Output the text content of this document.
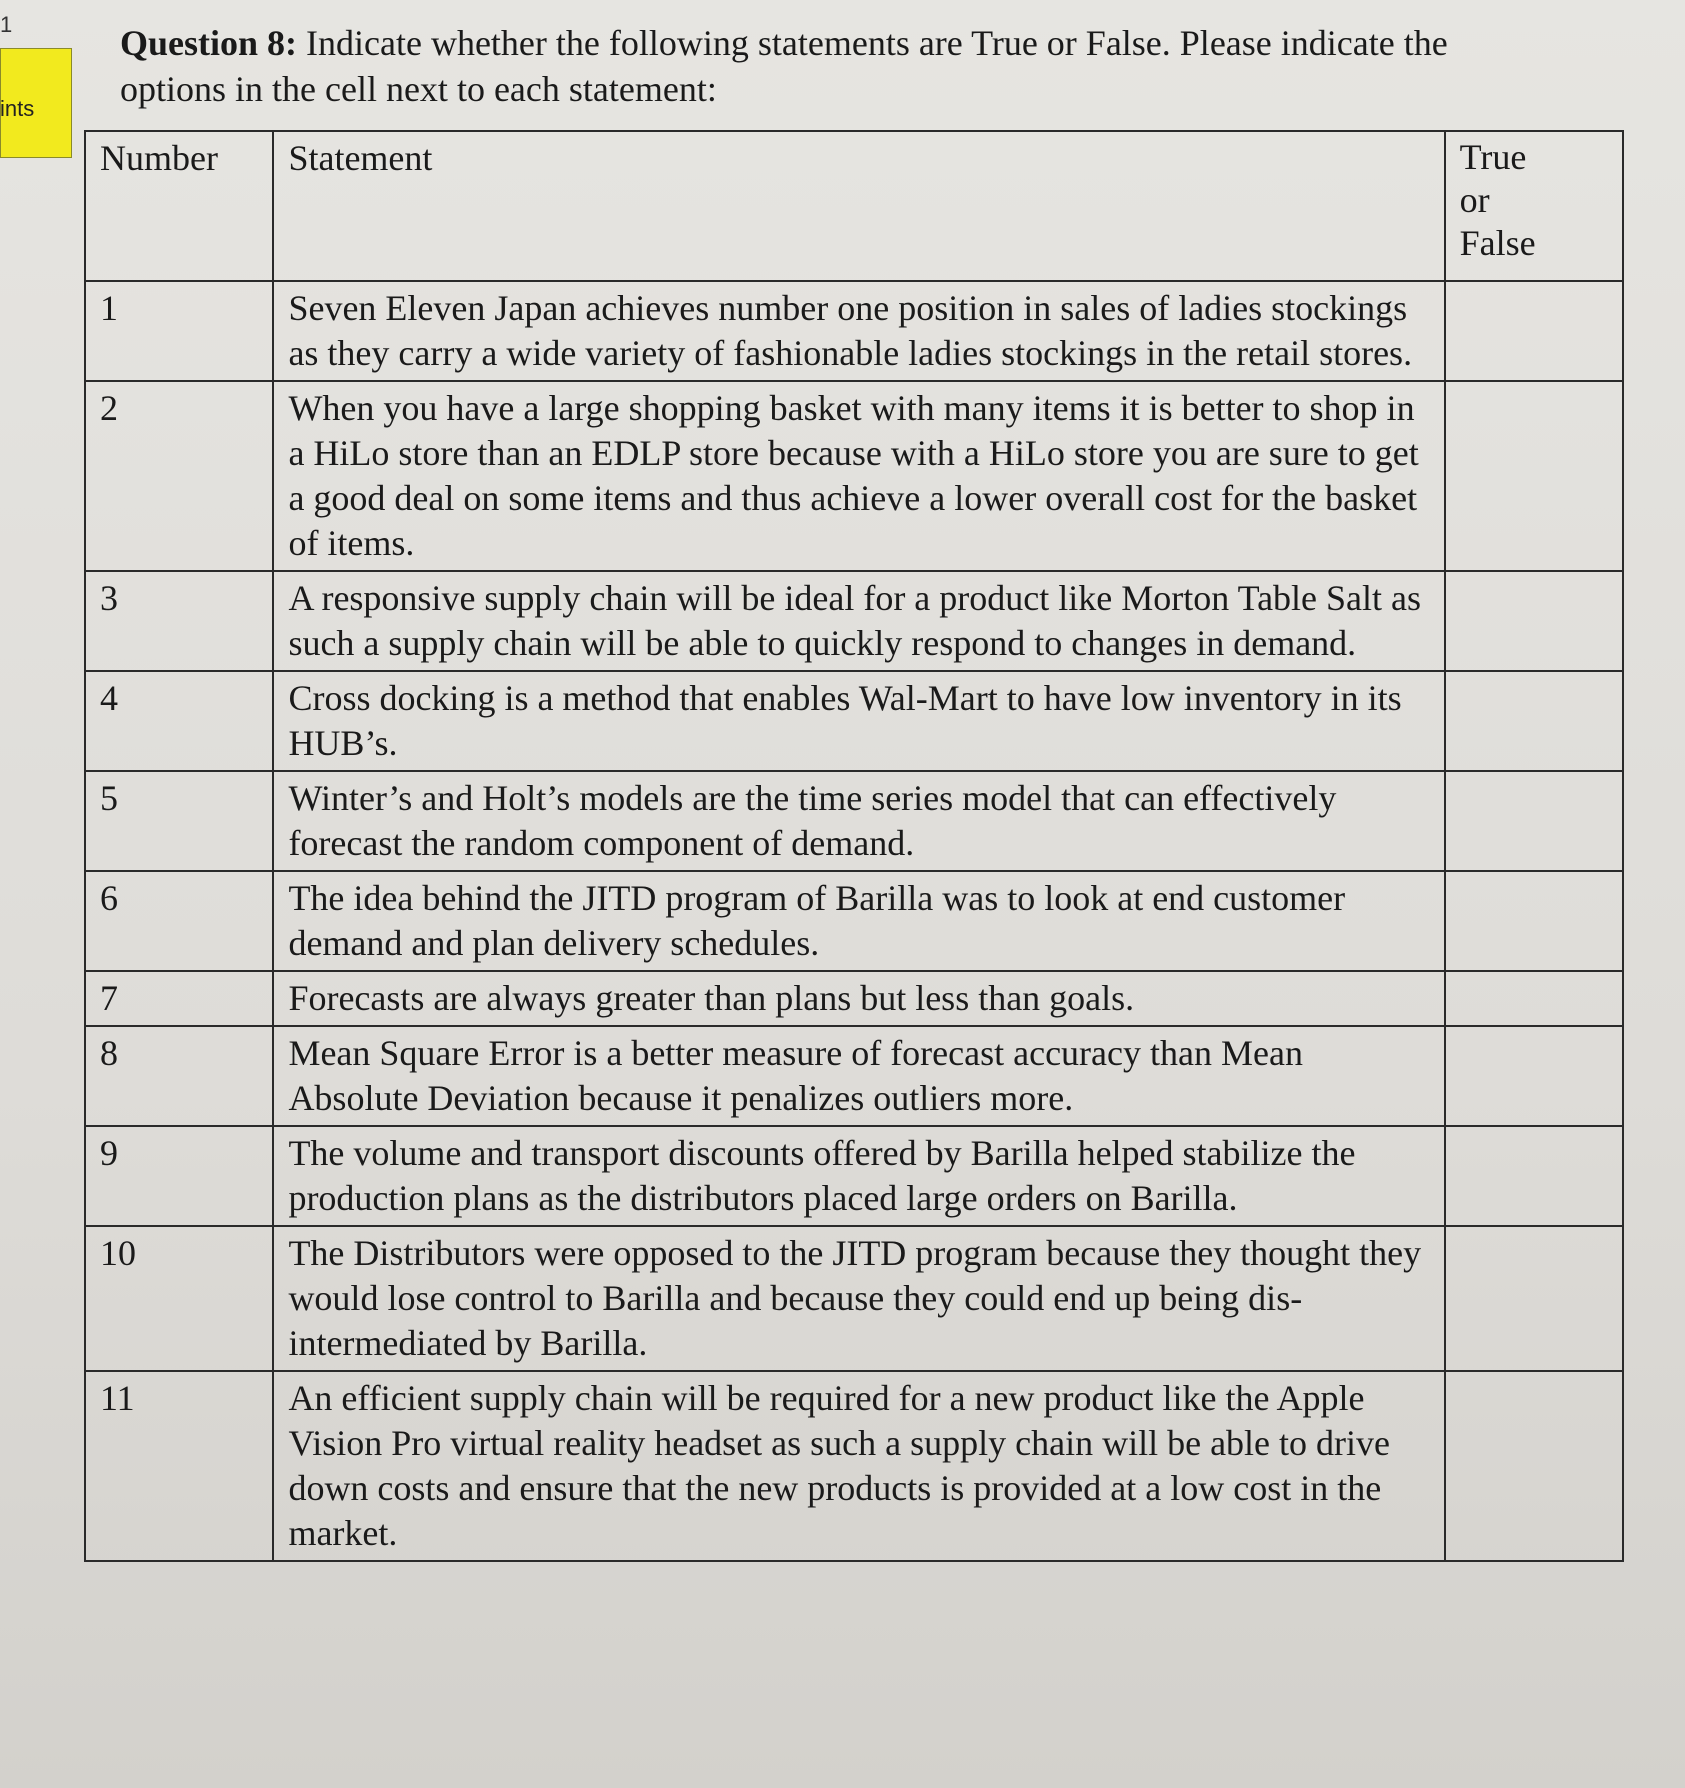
1
ints
Question 8: Indicate whether the following statements are True or False. Please indicate the options in the cell next to each statement:
Number	Statement	True
or
False
1	Seven Eleven Japan achieves number one position in sales of ladies stockings as they carry a wide variety of fashionable ladies stockings in the retail stores.	
2	When you have a large shopping basket with many items it is better to shop in a HiLo store than an EDLP store because with a HiLo store you are sure to get a good deal on some items and thus achieve a lower overall cost for the basket of items.	
3	A responsive supply chain will be ideal for a product like Morton Table Salt as such a supply chain will be able to quickly respond to changes in demand.	
4	Cross docking is a method that enables Wal-Mart to have low inventory in its HUB’s.	
5	Winter’s and Holt’s models are the time series model that can effectively forecast the random component of demand.	
6	The idea behind the JITD program of Barilla was to look at end customer demand and plan delivery schedules.	
7	Forecasts are always greater than plans but less than goals.	
8	Mean Square Error is a better measure of forecast accuracy than Mean Absolute Deviation because it penalizes outliers more.	
9	The volume and transport discounts offered by Barilla helped stabilize the production plans as the distributors placed large orders on Barilla.	
10	The Distributors were opposed to the JITD program because they thought they would lose control to Barilla and because they could end up being dis-intermediated by Barilla.	
11	An efficient supply chain will be required for a new product like the Apple Vision Pro virtual reality headset as such a supply chain will be able to drive down costs and ensure that the new products is provided at a low cost in the market.	
